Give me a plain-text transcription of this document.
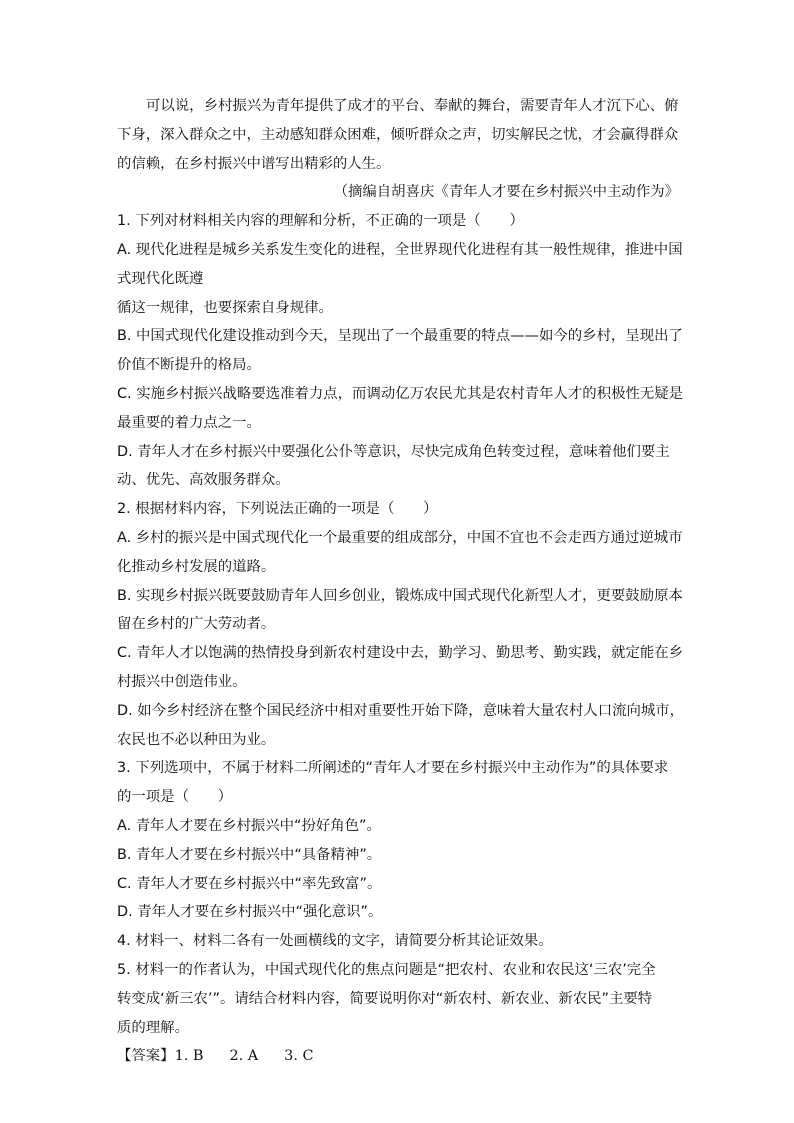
可以说，乡村振兴为青年提供了成才的平台、奉献的舞台，需要青年人才沉下心、俯
下身，深入群众之中，主动感知群众困难，倾听群众之声，切实解民之忧，才会赢得群众
的信赖，在乡村振兴中谱写出精彩的人生。
（摘编自胡喜庆《青年人才要在乡村振兴中主动作为》
1. 下列对材料相关内容的理解和分析，不正确的一项是（　　）
A. 现代化进程是城乡关系发生变化的进程，全世界现代化进程有其一般性规律，推进中国
式现代化既遵
循这一规律，也要探索自身规律。
B. 中国式现代化建设推动到今天，呈现出了一个最重要的特点——如今的乡村，呈现出了
价值不断提升的格局。
C. 实施乡村振兴战略要选准着力点，而调动亿万农民尤其是农村青年人才的积极性无疑是
最重要的着力点之一。
D. 青年人才在乡村振兴中要强化公仆等意识，尽快完成角色转变过程，意味着他们要主
动、优先、高效服务群众。
2. 根据材料内容，下列说法正确的一项是（　　）
A. 乡村的振兴是中国式现代化一个最重要的组成部分，中国不宜也不会走西方通过逆城市
化推动乡村发展的道路。
B. 实现乡村振兴既要鼓励青年人回乡创业，锻炼成中国式现代化新型人才，更要鼓励原本
留在乡村的广大劳动者。
C. 青年人才以饱满的热情投身到新农村建设中去，勤学习、勤思考、勤实践，就定能在乡
村振兴中创造伟业。
D. 如今乡村经济在整个国民经济中相对重要性开始下降，意味着大量农村人口流向城市，
农民也不必以种田为业。
3. 下列选项中，不属于材料二所阐述的“青年人才要在乡村振兴中主动作为”的具体要求
的一项是（　　）
A. 青年人才要在乡村振兴中“扮好角色”。
B. 青年人才要在乡村振兴中“具备精神”。
C. 青年人才要在乡村振兴中“率先致富”。
D. 青年人才要在乡村振兴中“强化意识”。
4. 材料一、材料二各有一处画横线的文字，请简要分析其论证效果。
5. 材料一的作者认为，中国式现代化的焦点问题是“把农村、农业和农民这‘三农’完全
转变成‘新三农’”。请结合材料内容，简要说明你对“新农村、新农业、新农民”主要特
质的理解。
【答案】1. B 2. A 3. C
